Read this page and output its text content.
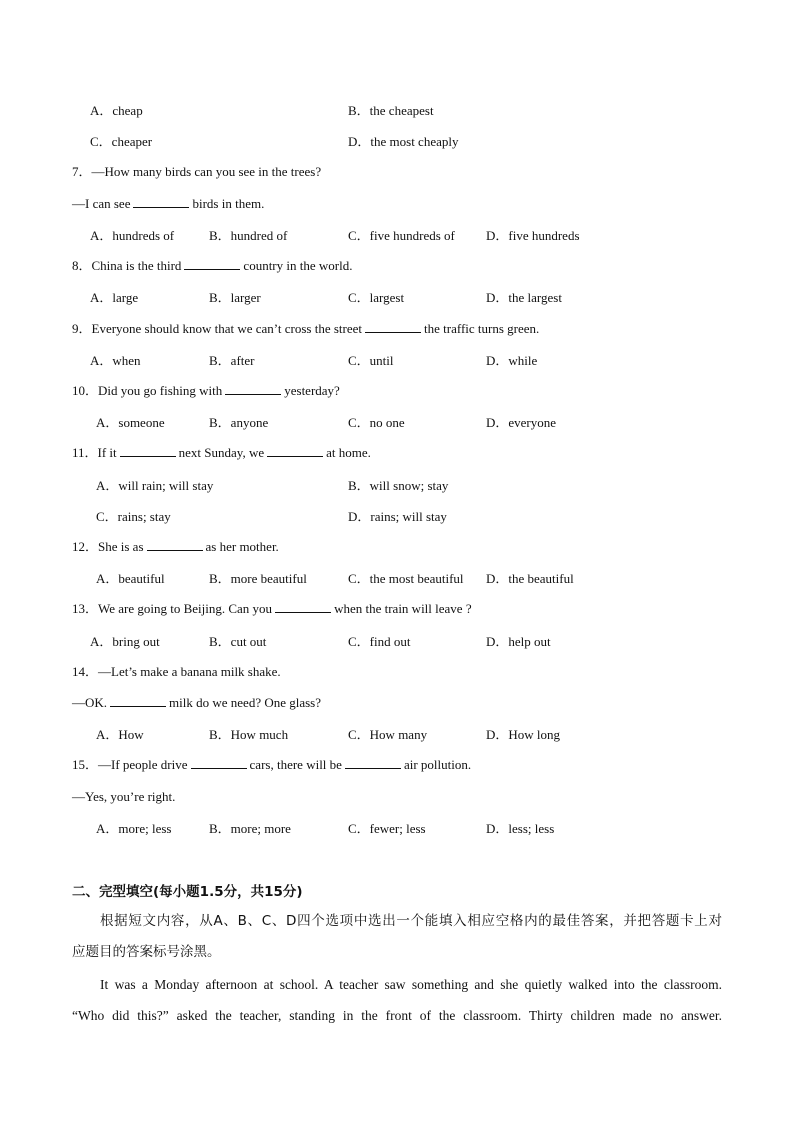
A．cheap	B．the cheapest
C．cheaper	D．the most cheaply
7．—How many birds can you see in the trees?
—I can see	birds in them.
A．hundreds of	B．hundred of	C．five hundreds of D．five hundreds
8．China is the third	country in the world.
A．large	B．larger	C．largest	D．the largest
9．Everyone should know that we can’t cross the street	the traffic turns green.
A．when	B．after	C．until	D．while
10．Did you go fishing with	yesterday?
A．someone	B．anyone	C．no one	D．everyone
11．If it	next Sunday, we	at home.
A．will rain; will stay	B．will snow; stay
C．rains; stay	D．rains; will stay
12．She is as	as her mother.
A．beautiful	B．more beautiful	C．the most beautiful D．the beautiful
13．We are going to Beijing. Can you	when the train will leave ?
A．bring out	B．cut out	C．find out	D．help out
14．—Let’s make a banana milk shake.
—OK.	milk do we need? One glass?
A．How	B．How much	C．How many	D．How long
15．—If people drive	cars, there will be	air pollution.
—Yes, you’re right.
A．more; less	B．more; more	C．fewer; less	D．less; less
二、完型填空(每小题1.5分，共15分)
根据短文内容，从A、B、C、D四个选项中选出一个能填入相应空格内的最佳答案，并把答题卡上对
应题目的答案标号涂黑。
It was a Monday afternoon at school. A teacher saw something and she quietly walked into the classroom.
“Who did this?” asked the teacher, standing in the front of the classroom. Thirty children made no answer.
